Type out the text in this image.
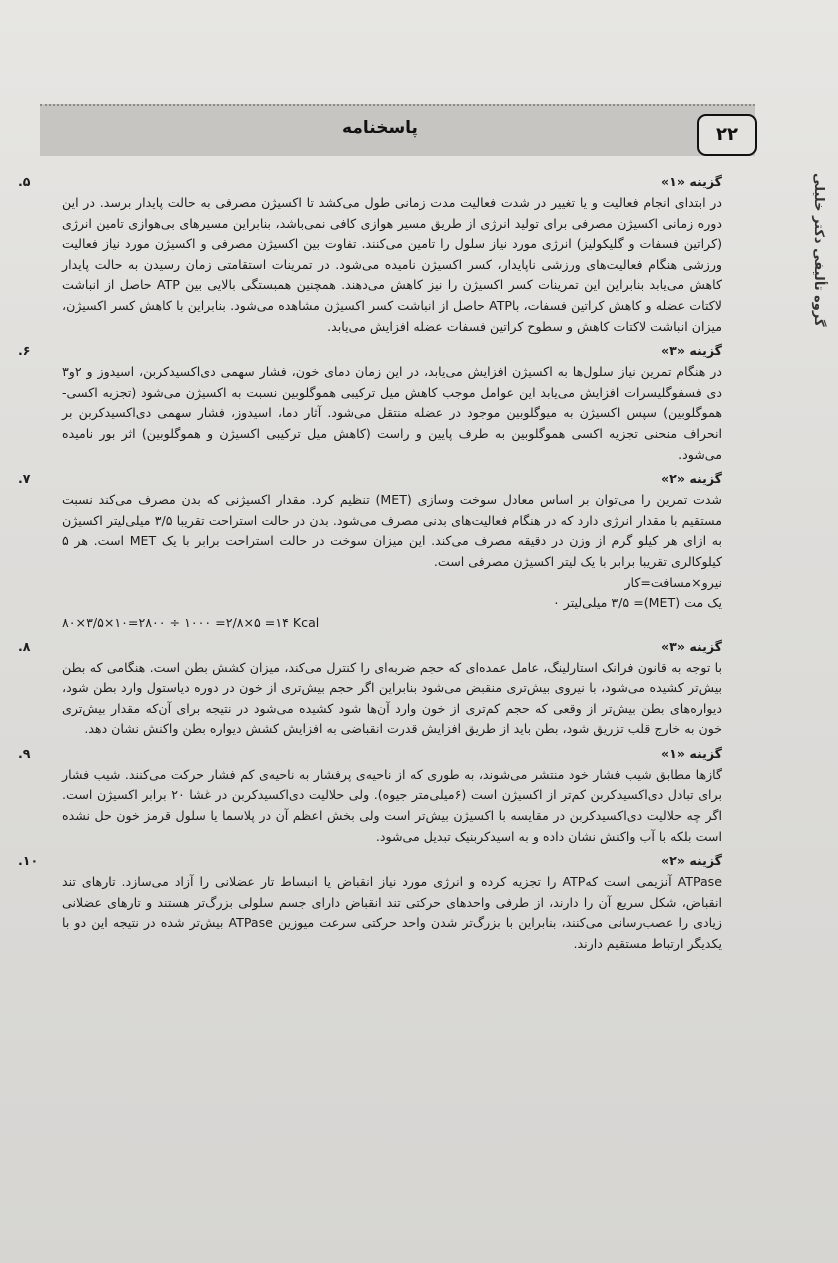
پاسخنامه	۲۲
گروه تألیفی دکتر خلیلی
گزینه «۱»
.۵

در ابتدای انجام فعالیت و یا تغییر در شدت فعالیت مدت زمانی طول می‌کشد تا اکسیژن مصرفی به حالت پایدار برسد. در این دوره زمانی اکسیژن مصرفی برای تولید انرژی از طریق مسیر هوازی کافی نمی‌باشد، بنابراین مسیرهای بی‌هوازی تامین انرژی (کراتین فسفات و گلیکولیز) انرژی مورد نیاز سلول را تامین می‌کنند. تفاوت بین اکسیژن مصرفی و اکسیژن مورد نیاز فعالیت ورزشی هنگام فعالیت‌های ورزشی ناپایدار، کسر اکسیژن نامیده می‌شود. در تمرینات استقامتی زمان رسیدن به حالت پایدار کاهش می‌یابد بنابراین این تمرینات کسر اکسیژن را نیز کاهش می‌دهند. همچنین همبستگی بالایی بین ATP حاصل از انباشت لاکتات عضله و کاهش کراتین فسفات، باATP حاصل از انباشت کسر اکسیژن مشاهده می‌شود. بنابراین با کاهش کسر اکسیژن، میزان انباشت لاکتات کاهش و سطوح کراتین فسفات عضله افزایش می‌یابد.

گزینه «۳»
.۶

در هنگام تمرین نیاز سلول‌ها به اکسیژن افزایش می‌یابد، در این زمان دمای خون، فشار سهمی دی‌اکسیدکربن، اسیدوز و ۲و۳ دی فسفوگلیسرات افزایش می‌یابد این عوامل موجب کاهش میل ترکیبی هموگلوبین نسبت به اکسیژن می‌شود (تجزیه اکسی- هموگلوبین) سپس اکسیژن به میوگلوبین موجود در عضله منتقل می‌شود. آثار دما، اسیدوز، فشار سهمی دی‌اکسیدکربن بر انحراف منحنی تجزیه اکسی هموگلوبین به طرف پایین و راست (کاهش میل ترکیبی اکسیژن و هموگلوبین) اثر بور نامیده می‌شود.

گزینه «۲»
.۷

شدت تمرین را می‌توان بر اساس معادل سوخت وسازی (MET) تنظیم کرد. مقدار اکسیژنی که بدن مصرف می‌کند نسبت مستقیم با مقدار انرژی دارد که در هنگام فعالیت‌های بدنی مصرف می‌شود. بدن در حالت استراحت تقریبا ۳/۵ میلی‌لیتر اکسیژن به ازای هر کیلو گرم از وزن در دقیقه مصرف می‌کند. این میزان سوخت در حالت استراحت برابر با یک MET است. هر ۵ کیلوکالری تقریبا برابر با یک لیتر اکسیژن مصرفی است.

نیرو×مسافت=کار

یک مت (MET)= ۳/۵ میلی‌لیتر ۰

۸۰×۳/۵×۱۰=۲۸۰۰ ÷ ۱۰۰۰ =۲/۸×۵ =۱۴ Kcal

گزینه «۳»
.۸

با توجه به قانون فرانک استارلینگ، عامل عمده‌ای که حجم ضربه‌ای را کنترل می‌کند، میزان کشش بطن است. هنگامی که بطن بیش‌تر کشیده می‌شود، با نیروی بیش‌تری منقبض می‌شود بنابراین اگر حجم بیش‌تری از خون در دوره دیاستول وارد بطن شود، دیواره‌های بطن بیش‌تر از وقعی که حجم کم‌تری از خون وارد آن‌ها شود کشیده می‌شود در نتیجه برای آن‌که مقدار بیش‌تری خون به خارج قلب تزریق شود، بطن باید از طریق افزایش قدرت انقباضی به افزایش کشش دیواره بطن واکنش نشان دهد.

گزینه «۱»
.۹

گازها مطابق شیب فشار خود منتشر می‌شوند، به طوری که از ناحیه‌ی پرفشار به ناحیه‌ی کم فشار حرکت می‌کنند. شیب فشار برای تبادل دی‌اکسیدکربن کم‌تر از اکسیژن است (۶میلی‌متر جیوه). ولی حلالیت دی‌اکسیدکربن در غشا ۲۰ برابر اکسیژن است. اگر چه حلالیت دی‌اکسیدکربن در مقایسه با اکسیژن بیش‌تر است ولی بخش اعظم آن در پلاسما یا سلول قرمز خون حل نشده است بلکه با آب واکنش نشان داده و به اسیدکربنیک تبدیل می‌شود.

گزینه «۲»
.۱۰

ATPase آنزیمی است کهATP را تجزیه کرده و انرژی مورد نیاز انقباض یا انبساط تار عضلانی را آزاد می‌سازد. تارهای تند انقباض، شکل سریع آن را دارند، از طرفی واحدهای حرکتی تند انقباض دارای جسم سلولی بزرگ‌تر هستند و تارهای عضلانی زیادی را عصب‌رسانی می‌کنند، بنابراین با بزرگ‌تر شدن واحد حرکتی سرعت میوزین ATPase بیش‌تر شده در نتیجه این دو با یکدیگر ارتباط مستقیم دارند.
